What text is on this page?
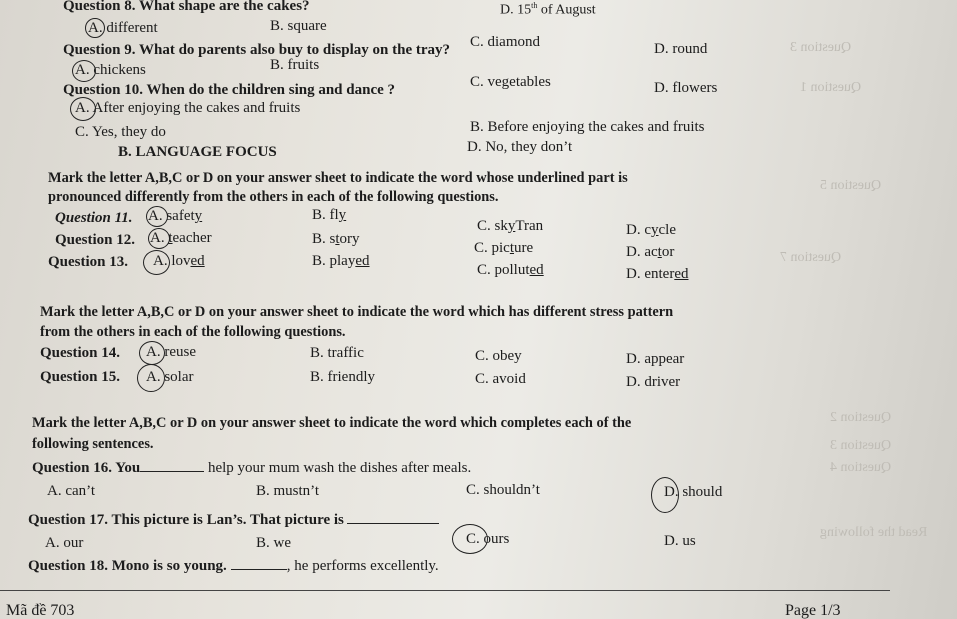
Question 3
Question 1
Question 5
Question 7
Question 2
Question 3
Question 4
Read the following
Question 8. What shape are the cakes?	D. 15th of August
A. different	B. square
C. diamond	D. round
Question 9. What do parents also buy to display on the tray?
A. chickens	B. fruits
C. vegetables	D. flowers
Question 10. When do the children sing and dance ?
A. After enjoying the cakes and fruits
B. Before enjoying the cakes and fruits
C. Yes, they do
D. No, they don’t
B. LANGUAGE FOCUS
Mark the letter A,B,C or D on your answer sheet to indicate the word whose underlined part is
pronounced differently from the others in each of the following questions.
Question 11. A. safety	B. fly
C. skyTran	D. cycle
Question 12. A. teacher	B. story
C. picture	D. actor
Question 13. A. loved	B. played
C. polluted	D. entered
Mark the letter A,B,C or D on your answer sheet to indicate the word which has different stress pattern
from the others in each of the following questions.
Question 14. A. reuse	B. traffic	C. obey	D. appear
Question 15. A. solar	B. friendly	C. avoid	D. driver
Mark the letter A,B,C or D on your answer sheet to indicate the word which completes each of the
following sentences.
Question 16. You	help your mum wash the dishes after meals.
A. can’t	B. mustn’t	C. shouldn’t	D. should
Question 17. This picture is Lan’s. That picture is
A. our	B. we	C. ours	D. us
Question 18. Mono is so young.	, he performs excellently.
Mã đề 703	Page 1/3
